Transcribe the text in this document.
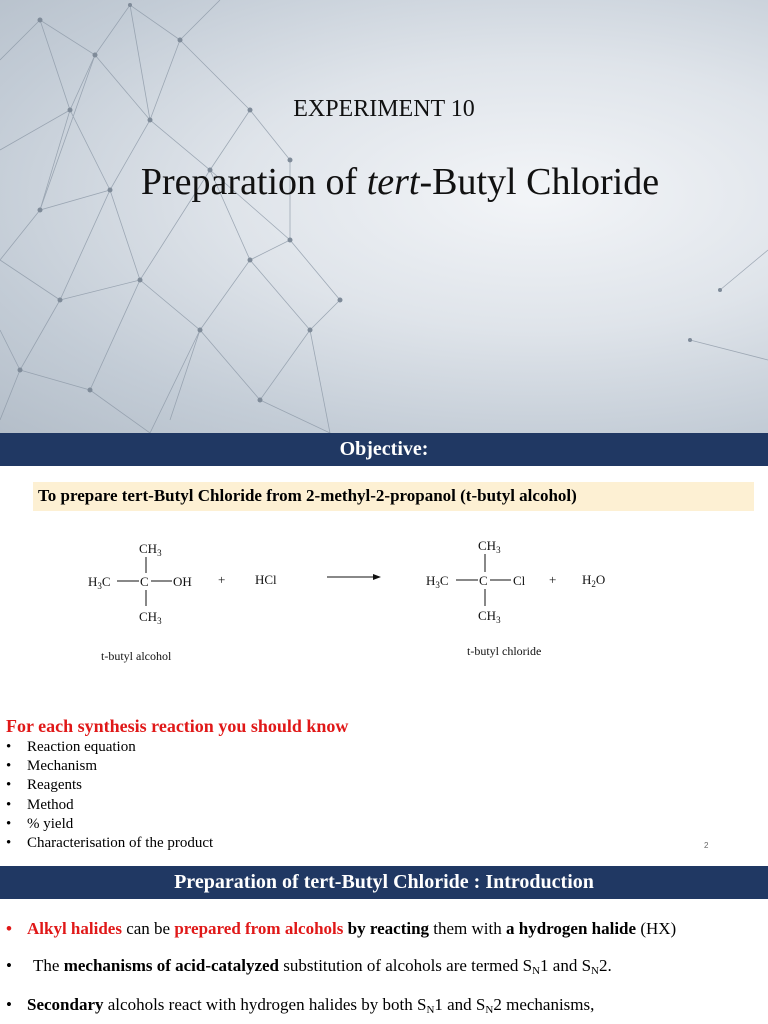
EXPERIMENT 10
Preparation of tert-Butyl Chloride
Objective:
To prepare tert-Butyl Chloride from 2-methyl-2-propanol (t-butyl alcohol)
$CH_3$
$H_3C$ C OH
$CH_3$
t-butyl alcohol
+ HCl
$CH_3$
$H_3C$ C Cl
$CH_3$
t-butyl chloride
+ $H_2O$
For each synthesis reaction you should know
• Reaction equation
• Mechanism
• Reagents
• Method
• % yield
• Characterisation of the product	2
Preparation of tert-Butyl Chloride : Introduction
• Alkyl halides can be prepared from alcohols by reacting them with a hydrogen halide (HX)
• The mechanisms of acid-catalyzed substitution of alcohols are termed $S_N1$ and $S_N2$.
• Secondary alcohols react with hydrogen halides by both $S_N1$ and $S_N2$ mechanisms,
